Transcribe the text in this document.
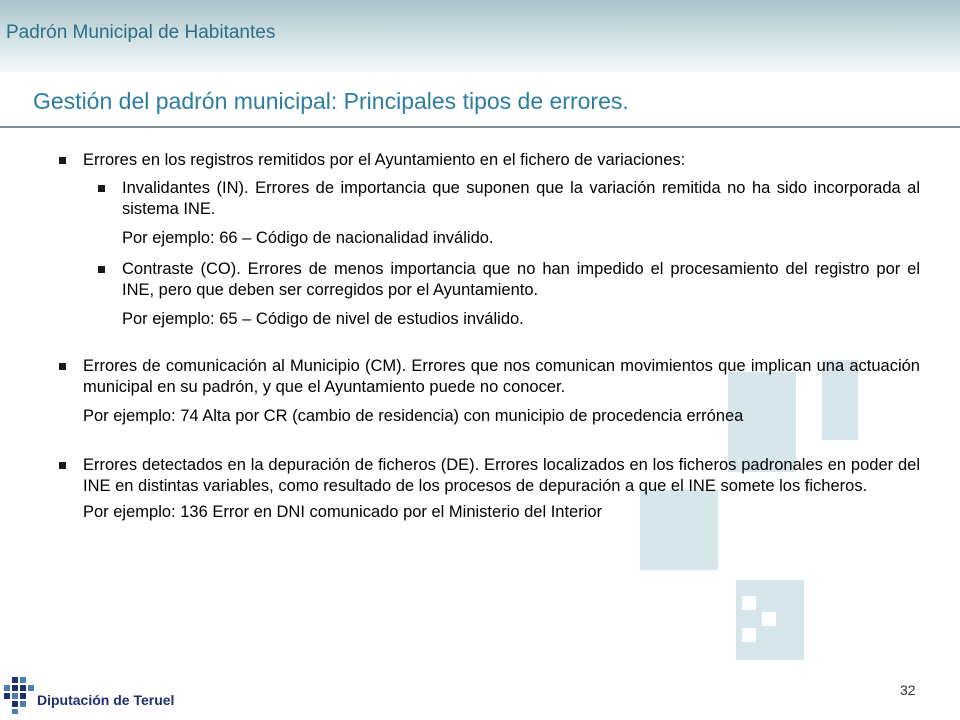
Padrón Municipal de Habitantes
Gestión del padrón municipal: Principales tipos de errores.
Errores en los registros remitidos por el Ayuntamiento en el fichero de variaciones:
Invalidantes (IN). Errores de importancia que suponen que la variación remitida no ha sido incorporada al sistema INE.
Por ejemplo: 66 – Código de nacionalidad inválido.
Contraste (CO). Errores de menos importancia que no han impedido el procesamiento del registro por el INE, pero que deben ser corregidos por el Ayuntamiento.
Por ejemplo: 65 – Código de nivel de estudios inválido.
Errores de comunicación al Municipio (CM). Errores que nos comunican movimientos que implican una actuación municipal en su padrón, y que el Ayuntamiento puede no conocer.
Por ejemplo: 74 Alta por CR (cambio de residencia) con municipio de procedencia errónea
Errores detectados en la depuración de ficheros (DE). Errores localizados en los ficheros padronales en poder del INE en distintas variables, como resultado de los procesos de depuración a que el INE somete los ficheros.
Por ejemplo: 136 Error en DNI comunicado por el Ministerio del Interior
Diputación de Teruel
32
